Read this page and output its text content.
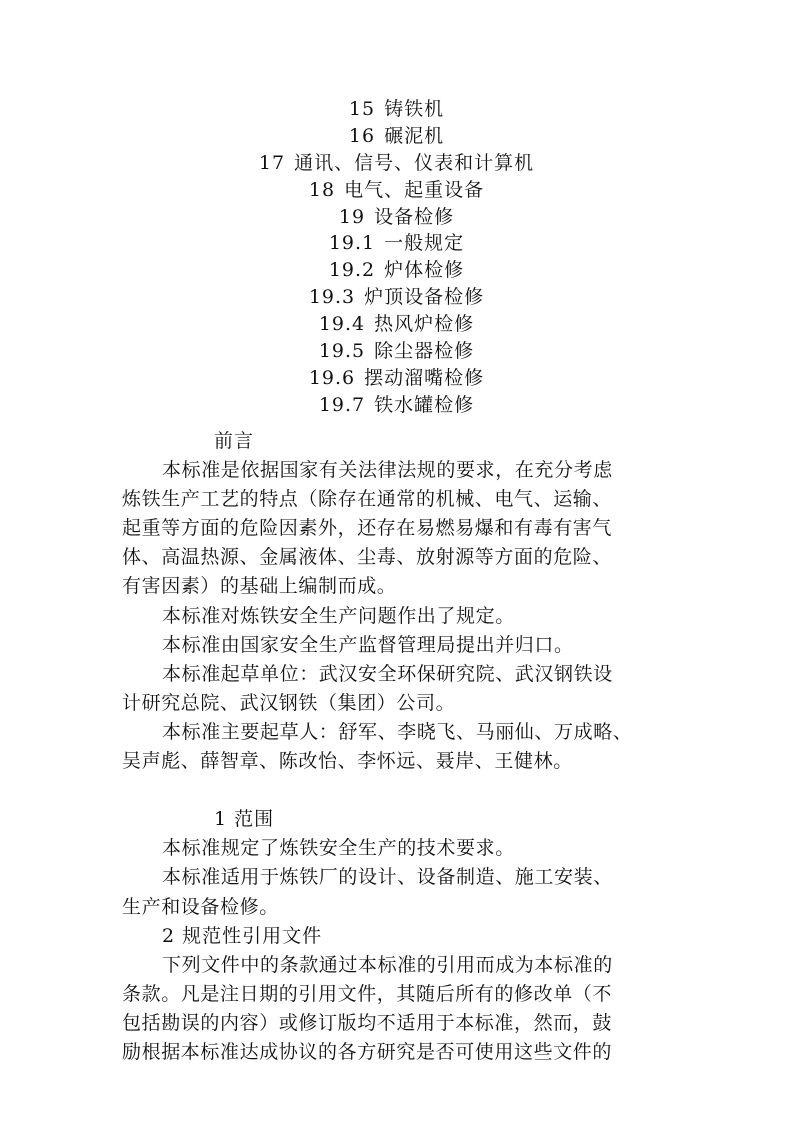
15 铸铁机
16 碾泥机
17 通讯、信号、仪表和计算机
18 电气、起重设备
19 设备检修
19.1 一般规定
19.2 炉体检修
19.3 炉顶设备检修
19.4 热风炉检修
19.5 除尘器检修
19.6 摆动溜嘴检修
19.7 铁水罐检修
前言
本标准是依据国家有关法律法规的要求，在充分考虑
炼铁生产工艺的特点（除存在通常的机械、电气、运输、
起重等方面的危险因素外，还存在易燃易爆和有毒有害气
体、高温热源、金属液体、尘毒、放射源等方面的危险、
有害因素）的基础上编制而成。
本标准对炼铁安全生产问题作出了规定。
本标准由国家安全生产监督管理局提出并归口。
本标准起草单位：武汉安全环保研究院、武汉钢铁设
计研究总院、武汉钢铁（集团）公司。
本标准主要起草人：舒军、李晓飞、马丽仙、万成略、
吴声彪、薛智章、陈改怡、李怀远、聂岸、王健林。
1 范围
本标准规定了炼铁安全生产的技术要求。
本标准适用于炼铁厂的设计、设备制造、施工安装、
生产和设备检修。
2 规范性引用文件
下列文件中的条款通过本标准的引用而成为本标准的
条款。凡是注日期的引用文件，其随后所有的修改单（不
包括勘误的内容）或修订版均不适用于本标准，然而，鼓
励根据本标准达成协议的各方研究是否可使用这些文件的
